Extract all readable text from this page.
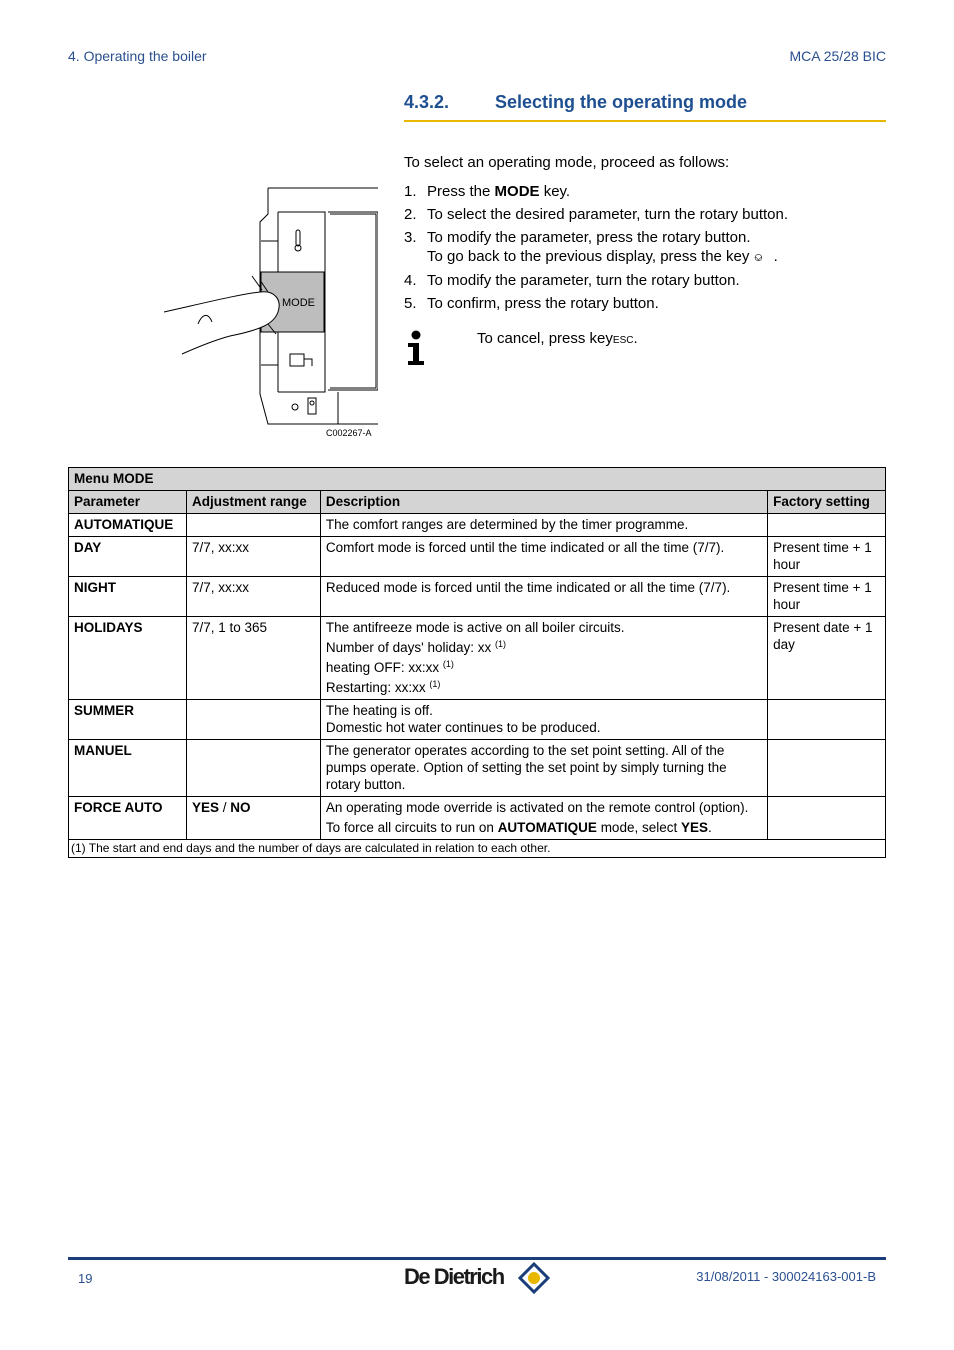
4. Operating the boiler	MCA 25/28 BIC
4.3.2.	Selecting the operating mode
MODE
C002267-A
To select an operating mode, proceed as follows:
1. Press the MODE key.
2. To select the desired parameter, turn the rotary button.
3. To modify the parameter, press the rotary button.
To go back to the previous display, press the key ⎉ .
4. To modify the parameter, turn the rotary button.
5. To confirm, press the rotary button.
To cancel, press keyESC.
Menu MODE			
Parameter	Adjustment range	Description	Factory setting
AUTOMATIQUE		The comfort ranges are determined by the timer programme.	
DAY	7/7, xx:xx	Comfort mode is forced until the time indicated or all the time (7/7).	Present time + 1 hour
NIGHT	7/7, xx:xx	Reduced mode is forced until the time indicated or all the time (7/7).	Present time + 1 hour
HOLIDAYS	7/7, 1 to 365	The antifreeze mode is active on all boiler circuits.
Number of days' holiday: xx $^{(1)}$
heating OFF: xx:xx $^{(1)}$
Restarting: xx:xx $^{(1)}$	Present date + 1 day
SUMMER		The heating is off.
Domestic hot water continues to be produced.	

MANUEL		The generator operates according to the set point setting. All of the pumps operate. Option of setting the set point by simply turning the rotary button.	
FORCE AUTO	YES / NO	An operating mode override is activated on the remote control (option).
To force all circuits to run on AUTOMATIQUE mode, select YES.	

(1) The start and end days and the number of days are calculated in relation to each other.			
19	De Dietrich	31/08/2011 - 300024163-001-B
